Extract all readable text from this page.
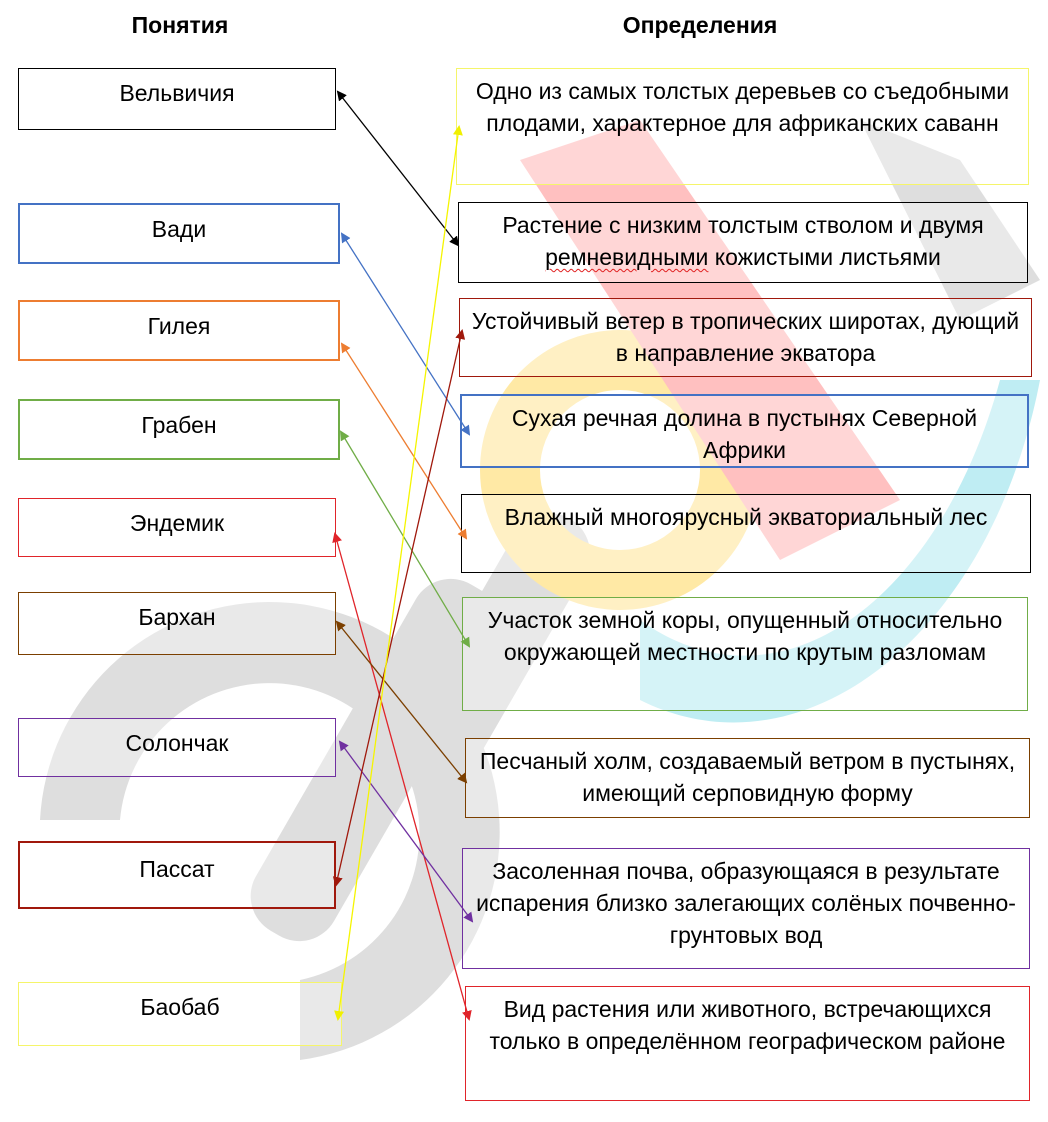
Понятия	Определения
Вельвичия
Вади
Гилея
Грабен
Эндемик
Бархан
Солончак
Пассат
Баобаб
Одно из самых толстых деревьев со съедобными плодами, характерное для африканских саванн
Растение с низким толстым стволом и двумя ремневидными кожистыми листьями
Устойчивый ветер в тропических широтах, дующий в направление экватора
Сухая речная долина в пустынях Северной Африки
Влажный многоярусный экваториальный лес
Участок земной коры, опущенный относительно окружающей местности по крутым разломам
Песчаный холм, создаваемый ветром в пустынях, имеющий серповидную форму
Засоленная почва, образующаяся в результате испарения близко залегающих солёных почвенно-грунтовых вод
Вид растения или животного, встречающихся только в определённом географическом районе
